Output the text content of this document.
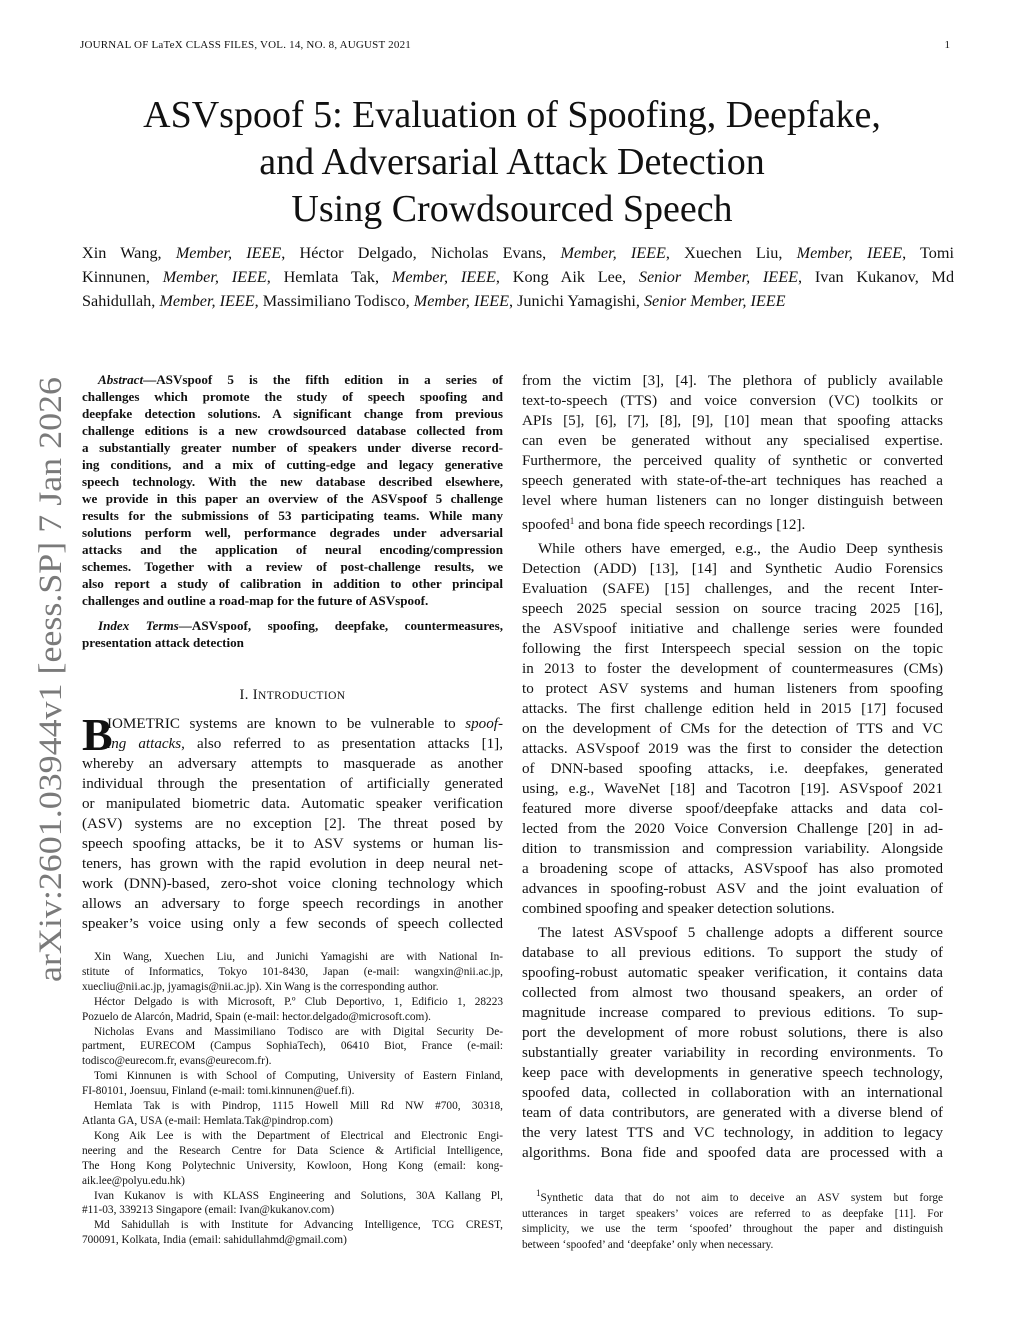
JOURNAL OF LaTeX CLASS FILES, VOL. 14, NO. 8, AUGUST 2021	1
ASVspoof 5: Evaluation of Spoofing, Deepfake,
and Adversarial Attack Detection
Using Crowdsourced Speech
Xin Wang, Member, IEEE, Héctor Delgado, Nicholas Evans, Member, IEEE, Xuechen Liu, Member, IEEE, Tomi
Kinnunen, Member, IEEE, Hemlata Tak, Member, IEEE, Kong Aik Lee, Senior Member, IEEE, Ivan Kukanov, Md
Sahidullah, Member, IEEE, Massimiliano Todisco, Member, IEEE, Junichi Yamagishi, Senior Member, IEEE
arXiv:2601.03944v1 [eess.SP] 7 Jan 2026
Abstract—ASVspoof 5 is the fifth edition in a series of
challenges which promote the study of speech spoofing and
deepfake detection solutions. A significant change from previous
challenge editions is a new crowdsourced database collected from
a substantially greater number of speakers under diverse record-
ing conditions, and a mix of cutting-edge and legacy generative
speech technology. With the new database described elsewhere,
we provide in this paper an overview of the ASVspoof 5 challenge
results for the submissions of 53 participating teams. While many
solutions perform well, performance degrades under adversarial
attacks and the application of neural encoding/compression
schemes. Together with a review of post-challenge results, we
also report a study of calibration in addition to other principal
challenges and outline a road-map for the future of ASVspoof.
Index Terms—ASVspoof, spoofing, deepfake, countermeasures,
presentation attack detection
I. INTRODUCTION
B
IOMETRIC systems are known to be vulnerable to spoof-
ing attacks, also referred to as presentation attacks [1],
whereby an adversary attempts to masquerade as another
individual through the presentation of artificially generated
or manipulated biometric data. Automatic speaker verification
(ASV) systems are no exception [2]. The threat posed by
speech spoofing attacks, be it to ASV systems or human lis-
teners, has grown with the rapid evolution in deep neural net-
work (DNN)-based, zero-shot voice cloning technology which
allows an adversary to forge speech recordings in another
speaker’s voice using only a few seconds of speech collected
Xin Wang, Xuechen Liu, and Junichi Yamagishi are with National In-
stitute of Informatics, Tokyo 101-8430, Japan (e-mail: wangxin@nii.ac.jp,
xuecliu@nii.ac.jp, jyamagis@nii.ac.jp). Xin Wang is the corresponding author.
Héctor Delgado is with Microsoft, P.º Club Deportivo, 1, Edificio 1, 28223
Pozuelo de Alarcón, Madrid, Spain (e-mail: hector.delgado@microsoft.com).
Nicholas Evans and Massimiliano Todisco are with Digital Security De-
partment, EURECOM (Campus SophiaTech), 06410 Biot, France (e-mail:
todisco@eurecom.fr, evans@eurecom.fr).
Tomi Kinnunen is with School of Computing, University of Eastern Finland,
FI-80101, Joensuu, Finland (e-mail: tomi.kinnunen@uef.fi).
Hemlata Tak is with Pindrop, 1115 Howell Mill Rd NW #700, 30318,
Atlanta GA, USA (e-mail: Hemlata.Tak@pindrop.com)
Kong Aik Lee is with the Department of Electrical and Electronic Engi-
neering and the Research Centre for Data Science & Artificial Intelligence,
The Hong Kong Polytechnic University, Kowloon, Hong Kong (email: kong-
aik.lee@polyu.edu.hk)
Ivan Kukanov is with KLASS Engineering and Solutions, 30A Kallang Pl,
#11-03, 339213 Singapore (email: Ivan@kukanov.com)
Md Sahidullah is with Institute for Advancing Intelligence, TCG CREST,
700091, Kolkata, India (email: sahidullahmd@gmail.com)
from the victim [3], [4]. The plethora of publicly available
text-to-speech (TTS) and voice conversion (VC) toolkits or
APIs [5], [6], [7], [8], [9], [10] mean that spoofing attacks
can even be generated without any specialised expertise.
Furthermore, the perceived quality of synthetic or converted
speech generated with state-of-the-art techniques has reached a
level where human listeners can no longer distinguish between
spoofed$^1$ and bona fide speech recordings [12].
While others have emerged, e.g., the Audio Deep synthesis
Detection (ADD) [13], [14] and Synthetic Audio Forensics
Evaluation (SAFE) [15] challenges, and the recent Inter-
speech 2025 special session on source tracing 2025 [16],
the ASVspoof initiative and challenge series were founded
following the first Interspeech special session on the topic
in 2013 to foster the development of countermeasures (CMs)
to protect ASV systems and human listeners from spoofing
attacks. The first challenge edition held in 2015 [17] focused
on the development of CMs for the detection of TTS and VC
attacks. ASVspoof 2019 was the first to consider the detection
of DNN-based spoofing attacks, i.e. deepfakes, generated
using, e.g., WaveNet [18] and Tacotron [19]. ASVspoof 2021
featured more diverse spoof/deepfake attacks and data col-
lected from the 2020 Voice Conversion Challenge [20] in ad-
dition to transmission and compression variability. Alongside
a broadening scope of attacks, ASVspoof has also promoted
advances in spoofing-robust ASV and the joint evaluation of
combined spoofing and speaker detection solutions.
The latest ASVspoof 5 challenge adopts a different source
database to all previous editions. To support the study of
spoofing-robust automatic speaker verification, it contains data
collected from almost two thousand speakers, an order of
magnitude increase compared to previous editions. To sup-
port the development of more robust solutions, there is also
substantially greater variability in recording environments. To
keep pace with developments in generative speech technology,
spoofed data, collected in collaboration with an international
team of data contributors, are generated with a diverse blend of
the very latest TTS and VC technology, in addition to legacy
algorithms. Bona fide and spoofed data are processed with a
$^1$Synthetic data that do not aim to deceive an ASV system but forge
utterances in target speakers’ voices are referred to as deepfake [11]. For
simplicity, we use the term ‘spoofed’ throughout the paper and distinguish
between ‘spoofed’ and ‘deepfake’ only when necessary.
